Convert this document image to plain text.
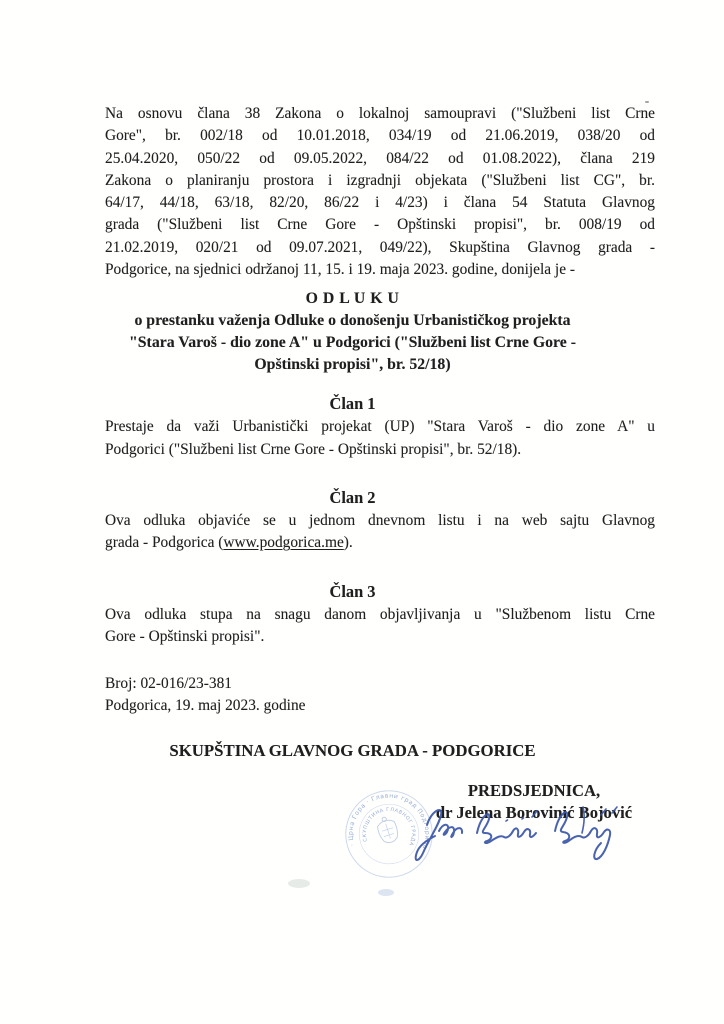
Na osnovu člana 38 Zakona o lokalnoj samoupravi ("Službeni list Crne
Gore", br. 002/18 od 10.01.2018, 034/19 od 21.06.2019, 038/20 od
25.04.2020, 050/22 od 09.05.2022, 084/22 od 01.08.2022), člana 219
Zakona o planiranju prostora i izgradnji objekata ("Službeni list CG", br.
64/17, 44/18, 63/18, 82/20, 86/22 i 4/23) i člana 54 Statuta Glavnog
grada ("Službeni list Crne Gore - Opštinski propisi", br. 008/19 od
21.02.2019, 020/21 od 09.07.2021, 049/22), Skupština Glavnog grada -
Podgorice, na sjednici održanoj 11, 15. i 19. maja 2023. godine, donijela je -
O D L U K U
o prestanku važenja Odluke o donošenju Urbanističkog projekta
"Stara Varoš - dio zone A" u Podgorici ("Službeni list Crne Gore -
Opštinski propisi", br. 52/18)
Član 1
Prestaje da važi Urbanistički projekat (UP) "Stara Varoš - dio zone A" u
Podgorici ("Službeni list Crne Gore - Opštinski propisi", br. 52/18).
Član 2
Ova odluka objaviće se u jednom dnevnom listu i na web sajtu Glavnog
grada - Podgorica (www.podgorica.me).
Član 3
Ova odluka stupa na snagu danom objavljivanja u "Službenom listu Crne
Gore - Opštinski propisi".
Broj: 02-016/23-381
Podgorica, 19. maj 2023. godine
SKUPŠTINA GLAVNOG GRADA - PODGORICE
PREDSJEDNICA,
dr Jelena Borovinić Bojović
· Црна Гора · Главни град Подгорица ·
СКУПШТИНА ГЛАВНОГ ГРАДА
